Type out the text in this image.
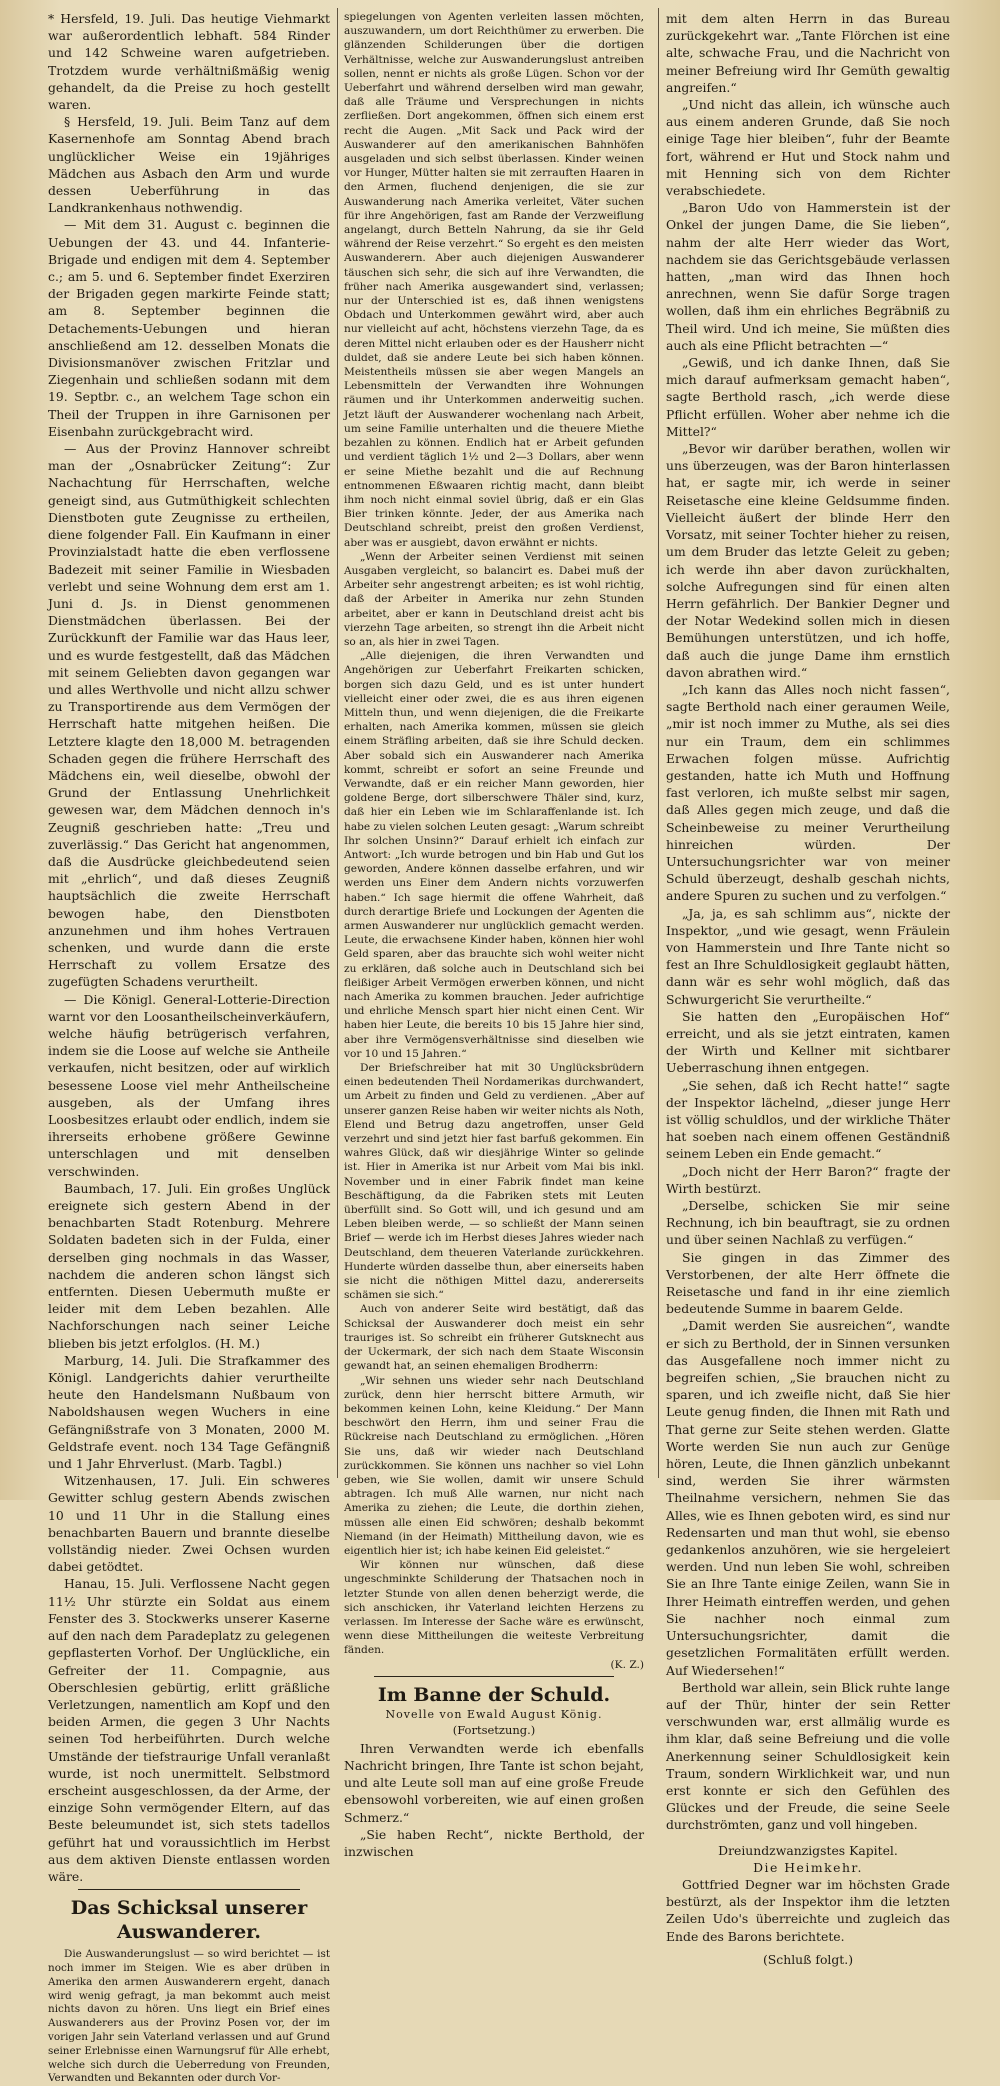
* Hersfeld, 19. Juli. Das heutige Viehmarkt war außerordentlich lebhaft. 584 Rinder und 142 Schweine waren aufgetrieben. Trotzdem wurde verhältnißmäßig wenig gehandelt, da die Preise zu hoch gestellt waren.

§ Hersfeld, 19. Juli. Beim Tanz auf dem Kasernenhofe am Sonntag Abend brach unglücklicher Weise ein 19jähriges Mädchen aus Asbach den Arm und wurde dessen Ueberführung in das Landkrankenhaus nothwendig.

— Mit dem 31. August c. beginnen die Uebungen der 43. und 44. Infanterie-Brigade und endigen mit dem 4. September c.; am 5. und 6. September findet Exerziren der Brigaden gegen markirte Feinde statt; am 8. September beginnen die Detachements-Uebungen und hieran anschließend am 12. desselben Monats die Divisionsmanöver zwischen Fritzlar und Ziegenhain und schließen sodann mit dem 19. Septbr. c., an welchem Tage schon ein Theil der Truppen in ihre Garnisonen per Eisenbahn zurückgebracht wird.

— Aus der Provinz Hannover schreibt man der „Osnabrücker Zeitung“: Zur Nachachtung für Herrschaften, welche geneigt sind, aus Gutmüthigkeit schlechten Dienstboten gute Zeugnisse zu ertheilen, diene folgender Fall. Ein Kaufmann in einer Provinzialstadt hatte die eben verflossene Badezeit mit seiner Familie in Wiesbaden verlebt und seine Wohnung dem erst am 1. Juni d. Js. in Dienst genommenen Dienstmädchen überlassen. Bei der Zurückkunft der Familie war das Haus leer, und es wurde festgestellt, daß das Mädchen mit seinem Geliebten davon gegangen war und alles Werthvolle und nicht allzu schwer zu Transportirende aus dem Vermögen der Herrschaft hatte mitgehen heißen. Die Letztere klagte den 18,000 M. betragenden Schaden gegen die frühere Herrschaft des Mädchens ein, weil dieselbe, obwohl der Grund der Entlassung Unehrlichkeit gewesen war, dem Mädchen dennoch in's Zeugniß geschrieben hatte: „Treu und zuverlässig.“ Das Gericht hat angenommen, daß die Ausdrücke gleichbedeutend seien mit „ehrlich“, und daß dieses Zeugniß hauptsächlich die zweite Herrschaft bewogen habe, den Dienstboten anzunehmen und ihm hohes Vertrauen schenken, und wurde dann die erste Herrschaft zu vollem Ersatze des zugefügten Schadens verurtheilt.

— Die Königl. General-Lotterie-Direction warnt vor den Loosantheilscheinverkäufern, welche häufig betrügerisch verfahren, indem sie die Loose auf welche sie Antheile verkaufen, nicht besitzen, oder auf wirklich besessene Loose viel mehr Antheilscheine ausgeben, als der Umfang ihres Loosbesitzes erlaubt oder endlich, indem sie ihrerseits erhobene größere Gewinne unterschlagen und mit denselben verschwinden.

Baumbach, 17. Juli. Ein großes Unglück ereignete sich gestern Abend in der benachbarten Stadt Rotenburg. Mehrere Soldaten badeten sich in der Fulda, einer derselben ging nochmals in das Wasser, nachdem die anderen schon längst sich entfernten. Diesen Uebermuth mußte er leider mit dem Leben bezahlen. Alle Nachforschungen nach seiner Leiche blieben bis jetzt erfolglos. (H. M.)

Marburg, 14. Juli. Die Strafkammer des Königl. Landgerichts dahier verurtheilte heute den Handelsmann Nußbaum von Naboldshausen wegen Wuchers in eine Gefängnißstrafe von 3 Monaten, 2000 M. Geldstrafe event. noch 134 Tage Gefängniß und 1 Jahr Ehrverlust. (Marb. Tagbl.)

Witzenhausen, 17. Juli. Ein schweres Gewitter schlug gestern Abends zwischen 10 und 11 Uhr in die Stallung eines benachbarten Bauern und brannte dieselbe vollständig nieder. Zwei Ochsen wurden dabei getödtet.

Hanau, 15. Juli. Verflossene Nacht gegen 11½ Uhr stürzte ein Soldat aus einem Fenster des 3. Stockwerks unserer Kaserne auf den nach dem Paradeplatz zu gelegenen gepflasterten Vorhof. Der Unglückliche, ein Gefreiter der 11. Compagnie, aus Oberschlesien gebürtig, erlitt gräßliche Verletzungen, namentlich am Kopf und den beiden Armen, die gegen 3 Uhr Nachts seinen Tod herbeiführten. Durch welche Umstände der tiefstraurige Unfall veranlaßt wurde, ist noch unermittelt. Selbstmord erscheint ausgeschlossen, da der Arme, der einzige Sohn vermögender Eltern, auf das Beste beleumundet ist, sich stets tadellos geführt hat und voraussichtlich im Herbst aus dem aktiven Dienste entlassen worden wäre.

Das Schicksal unserer Auswanderer.

Die Auswanderungslust — so wird berichtet — ist noch immer im Steigen. Wie es aber drüben in Amerika den armen Auswanderern ergeht, danach wird wenig gefragt, ja man bekommt auch meist nichts davon zu hören. Uns liegt ein Brief eines Auswanderers aus der Provinz Posen vor, der im vorigen Jahr sein Vaterland verlassen und auf Grund seiner Erlebnisse einen Warnungsruf für Alle erhebt, welche sich durch die Ueberredung von Freunden, Verwandten und Bekannten oder durch Vor-

spiegelungen von Agenten verleiten lassen möchten, auszuwandern, um dort Reichthümer zu erwerben. Die glänzenden Schilderungen über die dortigen Verhältnisse, welche zur Auswanderungslust antreiben sollen, nennt er nichts als große Lügen. Schon vor der Ueberfahrt und während derselben wird man gewahr, daß alle Träume und Versprechungen in nichts zerfließen. Dort angekommen, öffnen sich einem erst recht die Augen. „Mit Sack und Pack wird der Auswanderer auf den amerikanischen Bahnhöfen ausgeladen und sich selbst überlassen. Kinder weinen vor Hunger, Mütter halten sie mit zerrauften Haaren in den Armen, fluchend denjenigen, die sie zur Auswanderung nach Amerika verleitet, Väter suchen für ihre Angehörigen, fast am Rande der Verzweiflung angelangt, durch Betteln Nahrung, da sie ihr Geld während der Reise verzehrt.“ So ergeht es den meisten Auswanderern. Aber auch diejenigen Auswanderer täuschen sich sehr, die sich auf ihre Verwandten, die früher nach Amerika ausgewandert sind, verlassen; nur der Unterschied ist es, daß ihnen wenigstens Obdach und Unterkommen gewährt wird, aber auch nur vielleicht auf acht, höchstens vierzehn Tage, da es deren Mittel nicht erlauben oder es der Hausherr nicht duldet, daß sie andere Leute bei sich haben können. Meistentheils müssen sie aber wegen Mangels an Lebensmitteln der Verwandten ihre Wohnungen räumen und ihr Unterkommen anderweitig suchen. Jetzt läuft der Auswanderer wochenlang nach Arbeit, um seine Familie unterhalten und die theuere Miethe bezahlen zu können. Endlich hat er Arbeit gefunden und verdient täglich 1½ und 2—3 Dollars, aber wenn er seine Miethe bezahlt und die auf Rechnung entnommenen Eßwaaren richtig macht, dann bleibt ihm noch nicht einmal soviel übrig, daß er ein Glas Bier trinken könnte. Jeder, der aus Amerika nach Deutschland schreibt, preist den großen Verdienst, aber was er ausgiebt, davon erwähnt er nichts.

„Wenn der Arbeiter seinen Verdienst mit seinen Ausgaben vergleicht, so balancirt es. Dabei muß der Arbeiter sehr angestrengt arbeiten; es ist wohl richtig, daß der Arbeiter in Amerika nur zehn Stunden arbeitet, aber er kann in Deutschland dreist acht bis vierzehn Tage arbeiten, so strengt ihn die Arbeit nicht so an, als hier in zwei Tagen.

„Alle diejenigen, die ihren Verwandten und Angehörigen zur Ueberfahrt Freikarten schicken, borgen sich dazu Geld, und es ist unter hundert vielleicht einer oder zwei, die es aus ihren eigenen Mitteln thun, und wenn diejenigen, die die Freikarte erhalten, nach Amerika kommen, müssen sie gleich einem Sträfling arbeiten, daß sie ihre Schuld decken. Aber sobald sich ein Auswanderer nach Amerika kommt, schreibt er sofort an seine Freunde und Verwandte, daß er ein reicher Mann geworden, hier goldene Berge, dort silberschwere Thäler sind, kurz, daß hier ein Leben wie im Schlaraffenlande ist. Ich habe zu vielen solchen Leuten gesagt: „Warum schreibt Ihr solchen Unsinn?“ Darauf erhielt ich einfach zur Antwort: „Ich wurde betrogen und bin Hab und Gut los geworden, Andere können dasselbe erfahren, und wir werden uns Einer dem Andern nichts vorzuwerfen haben.“ Ich sage hiermit die offene Wahrheit, daß durch derartige Briefe und Lockungen der Agenten die armen Auswanderer nur unglücklich gemacht werden. Leute, die erwachsene Kinder haben, können hier wohl Geld sparen, aber das brauchte sich wohl weiter nicht zu erklären, daß solche auch in Deutschland sich bei fleißiger Arbeit Vermögen erwerben können, und nicht nach Amerika zu kommen brauchen. Jeder aufrichtige und ehrliche Mensch spart hier nicht einen Cent. Wir haben hier Leute, die bereits 10 bis 15 Jahre hier sind, aber ihre Vermögensverhältnisse sind dieselben wie vor 10 und 15 Jahren.“

Der Briefschreiber hat mit 30 Unglücksbrüdern einen bedeutenden Theil Nordamerikas durchwandert, um Arbeit zu finden und Geld zu verdienen. „Aber auf unserer ganzen Reise haben wir weiter nichts als Noth, Elend und Betrug dazu angetroffen, unser Geld verzehrt und sind jetzt hier fast barfuß gekommen. Ein wahres Glück, daß wir diesjährige Winter so gelinde ist. Hier in Amerika ist nur Arbeit vom Mai bis inkl. November und in einer Fabrik findet man keine Beschäftigung, da die Fabriken stets mit Leuten überfüllt sind. So Gott will, und ich gesund und am Leben bleiben werde, — so schließt der Mann seinen Brief — werde ich im Herbst dieses Jahres wieder nach Deutschland, dem theueren Vaterlande zurückkehren. Hunderte würden dasselbe thun, aber einerseits haben sie nicht die nöthigen Mittel dazu, andererseits schämen sie sich.“

Auch von anderer Seite wird bestätigt, daß das Schicksal der Auswanderer doch meist ein sehr trauriges ist. So schreibt ein früherer Gutsknecht aus der Uckermark, der sich nach dem Staate Wisconsin gewandt hat, an seinen ehemaligen Brodherrn:

„Wir sehnen uns wieder sehr nach Deutschland zurück, denn hier herrscht bittere Armuth, wir bekommen keinen Lohn, keine Kleidung.“ Der Mann beschwört den Herrn, ihm und seiner Frau die Rückreise nach Deutschland zu ermöglichen. „Hören Sie uns, daß wir wieder nach Deutschland zurückkommen. Sie können uns nachher so viel Lohn geben, wie Sie wollen, damit wir unsere Schuld abtragen. Ich muß Alle warnen, nur nicht nach Amerika zu ziehen; die Leute, die dorthin ziehen, müssen alle einen Eid schwören; deshalb bekommt Niemand (in der Heimath) Mittheilung davon, wie es eigentlich hier ist; ich habe keinen Eid geleistet.“

Wir können nur wünschen, daß diese ungeschminkte Schilderung der Thatsachen noch in letzter Stunde von allen denen beherzigt werde, die sich anschicken, ihr Vaterland leichten Herzens zu verlassen. Im Interesse der Sache wäre es erwünscht, wenn diese Mittheilungen die weiteste Verbreitung fänden.

(K. Z.)

Im Banne der Schuld.
Novelle von Ewald August König.
(Fortsetzung.)

Ihren Verwandten werde ich ebenfalls Nachricht bringen, Ihre Tante ist schon bejaht, und alte Leute soll man auf eine große Freude ebensowohl vorbereiten, wie auf einen großen Schmerz.“

„Sie haben Recht“, nickte Berthold, der inzwischen

mit dem alten Herrn in das Bureau zurückgekehrt war. „Tante Flörchen ist eine alte, schwache Frau, und die Nachricht von meiner Befreiung wird Ihr Gemüth gewaltig angreifen.“

„Und nicht das allein, ich wünsche auch aus einem anderen Grunde, daß Sie noch einige Tage hier bleiben“, fuhr der Beamte fort, während er Hut und Stock nahm und mit Henning sich von dem Richter verabschiedete.

„Baron Udo von Hammerstein ist der Onkel der jungen Dame, die Sie lieben“, nahm der alte Herr wieder das Wort, nachdem sie das Gerichtsgebäude verlassen hatten, „man wird das Ihnen hoch anrechnen, wenn Sie dafür Sorge tragen wollen, daß ihm ein ehrliches Begräbniß zu Theil wird. Und ich meine, Sie müßten dies auch als eine Pflicht betrachten —“

„Gewiß, und ich danke Ihnen, daß Sie mich darauf aufmerksam gemacht haben“, sagte Berthold rasch, „ich werde diese Pflicht erfüllen. Woher aber nehme ich die Mittel?“

„Bevor wir darüber berathen, wollen wir uns überzeugen, was der Baron hinterlassen hat, er sagte mir, ich werde in seiner Reisetasche eine kleine Geldsumme finden. Vielleicht äußert der blinde Herr den Vorsatz, mit seiner Tochter hieher zu reisen, um dem Bruder das letzte Geleit zu geben; ich werde ihn aber davon zurückhalten, solche Aufregungen sind für einen alten Herrn gefährlich. Der Bankier Degner und der Notar Wedekind sollen mich in diesen Bemühungen unterstützen, und ich hoffe, daß auch die junge Dame ihm ernstlich davon abrathen wird.“

„Ich kann das Alles noch nicht fassen“, sagte Berthold nach einer geraumen Weile, „mir ist noch immer zu Muthe, als sei dies nur ein Traum, dem ein schlimmes Erwachen folgen müsse. Aufrichtig gestanden, hatte ich Muth und Hoffnung fast verloren, ich mußte selbst mir sagen, daß Alles gegen mich zeuge, und daß die Scheinbeweise zu meiner Verurtheilung hinreichen würden. Der Untersuchungsrichter war von meiner Schuld überzeugt, deshalb geschah nichts, andere Spuren zu suchen und zu verfolgen.“

„Ja, ja, es sah schlimm aus“, nickte der Inspektor, „und wie gesagt, wenn Fräulein von Hammerstein und Ihre Tante nicht so fest an Ihre Schuldlosigkeit geglaubt hätten, dann wär es sehr wohl möglich, daß das Schwurgericht Sie verurtheilte.“

Sie hatten den „Europäischen Hof“ erreicht, und als sie jetzt eintraten, kamen der Wirth und Kellner mit sichtbarer Ueberraschung ihnen entgegen.

„Sie sehen, daß ich Recht hatte!“ sagte der Inspektor lächelnd, „dieser junge Herr ist völlig schuldlos, und der wirkliche Thäter hat soeben nach einem offenen Geständniß seinem Leben ein Ende gemacht.“

„Doch nicht der Herr Baron?“ fragte der Wirth bestürzt.

„Derselbe, schicken Sie mir seine Rechnung, ich bin beauftragt, sie zu ordnen und über seinen Nachlaß zu verfügen.“

Sie gingen in das Zimmer des Verstorbenen, der alte Herr öffnete die Reisetasche und fand in ihr eine ziemlich bedeutende Summe in baarem Gelde.

„Damit werden Sie ausreichen“, wandte er sich zu Berthold, der in Sinnen versunken das Ausgefallene noch immer nicht zu begreifen schien, „Sie brauchen nicht zu sparen, und ich zweifle nicht, daß Sie hier Leute genug finden, die Ihnen mit Rath und That gerne zur Seite stehen werden. Glatte Worte werden Sie nun auch zur Genüge hören, Leute, die Ihnen gänzlich unbekannt sind, werden Sie ihrer wärmsten Theilnahme versichern, nehmen Sie das Alles, wie es Ihnen geboten wird, es sind nur Redensarten und man thut wohl, sie ebenso gedankenlos anzuhören, wie sie hergeleiert werden. Und nun leben Sie wohl, schreiben Sie an Ihre Tante einige Zeilen, wann Sie in Ihrer Heimath eintreffen werden, und gehen Sie nachher noch einmal zum Untersuchungsrichter, damit die gesetzlichen Formalitäten erfüllt werden. Auf Wiedersehen!“

Berthold war allein, sein Blick ruhte lange auf der Thür, hinter der sein Retter verschwunden war, erst allmälig wurde es ihm klar, daß seine Befreiung und die volle Anerkennung seiner Schuldlosigkeit kein Traum, sondern Wirklichkeit war, und nun erst konnte er sich den Gefühlen des Glückes und der Freude, die seine Seele durchströmten, ganz und voll hingeben.

Dreiundzwanzigstes Kapitel.

Die Heimkehr.

Gottfried Degner war im höchsten Grade bestürzt, als der Inspektor ihm die letzten Zeilen Udo's überreichte und zugleich das Ende des Barons berichtete.

(Schluß folgt.)
